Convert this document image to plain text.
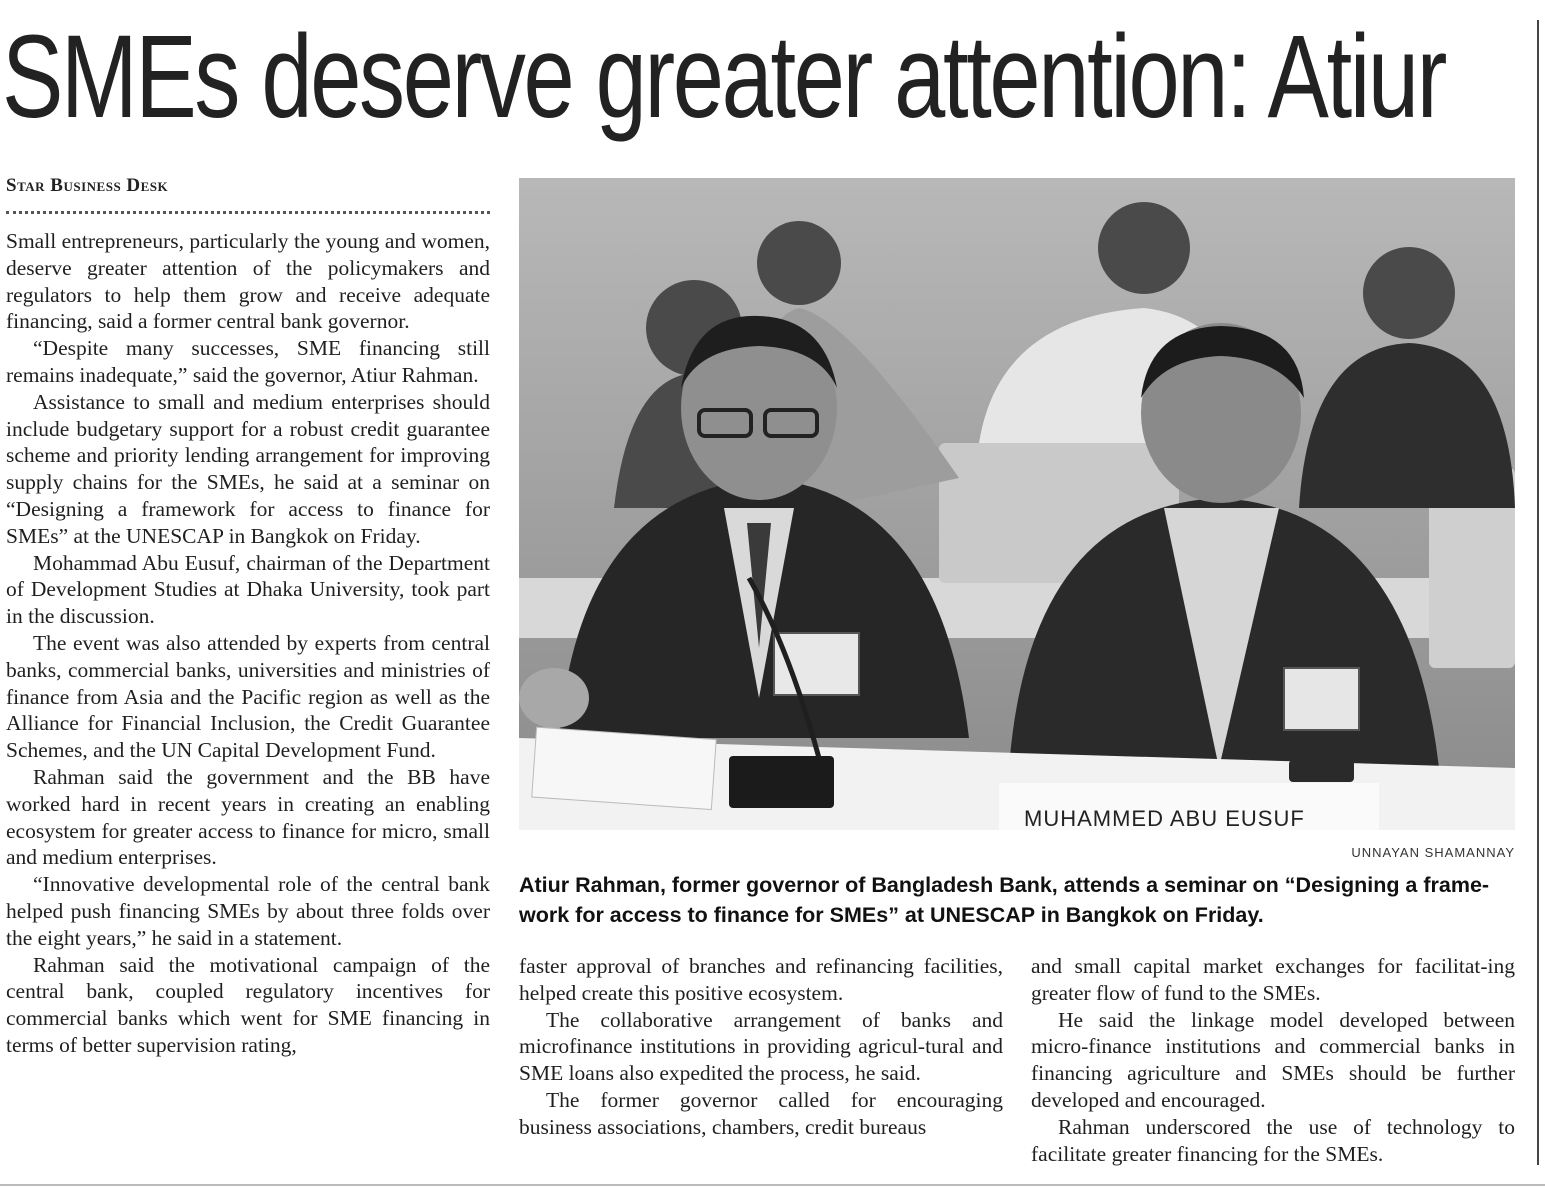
SMEs deserve greater attention: Atiur
Star Business Desk

Small entrepreneurs, particularly the young and women, deserve greater attention of the policymakers and regulators to help them grow and receive adequate financing, said a former central bank governor.

“Despite many successes, SME financing still remains inadequate,” said the governor, Atiur Rahman.

Assistance to small and medium enterprises should include budgetary support for a robust credit guarantee scheme and priority lending arrangement for improving supply chains for the SMEs, he said at a seminar on “Designing a framework for access to finance for SMEs” at the UNESCAP in Bangkok on Friday.

Mohammad Abu Eusuf, chairman of the Department of Development Studies at Dhaka University, took part in the discussion.

The event was also attended by experts from central banks, commercial banks, universities and ministries of finance from Asia and the Pacific region as well as the Alliance for Financial Inclusion, the Credit Guarantee Schemes, and the UN Capital Development Fund.

Rahman said the government and the BB have worked hard in recent years in creating an enabling ecosystem for greater access to finance for micro, small and medium enterprises.

“Innovative developmental role of the central bank helped push financing SMEs by about three folds over the eight years,” he said in a statement.

Rahman said the motivational campaign of the central bank, coupled regulatory incentives for commercial banks which went for SME financing in terms of better supervision rating,

MUHAMMED ABU EUSUF
UNNAYAN SHAMANNAY
Atiur Rahman, former governor of Bangladesh Bank, attends a seminar on “Designing a frame-work for access to finance for SMEs” at UNESCAP in Bangkok on Friday.

faster approval of branches and refinancing facilities, helped create this positive ecosystem.

The collaborative arrangement of banks and microfinance institutions in providing agricul-tural and SME loans also expedited the process, he said.

The former governor called for encouraging business associations, chambers, credit bureaus

and small capital market exchanges for facilitat-ing greater flow of fund to the SMEs.

He said the linkage model developed between micro-finance institutions and commercial banks in financing agriculture and SMEs should be further developed and encouraged.

Rahman underscored the use of technology to facilitate greater financing for the SMEs.
